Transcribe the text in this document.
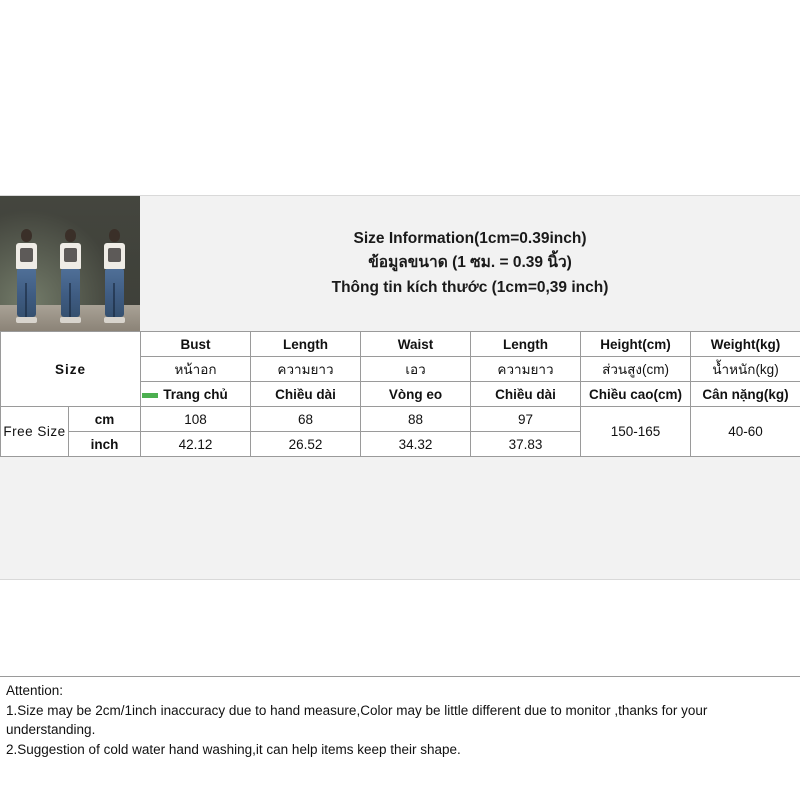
Size Information(1cm=0.39inch)
ข้อมูลขนาด (1 ซม. = 0.39 นิ้ว)
Thông tin kích thước (1cm=0,39 inch)
Size		Bust	Length	Waist	Length	Height(cm)	Weight(kg)
		หน้าอก	ความยาว	เอว	ความยาว	ส่วนสูง(cm)	น้ำหนัก(kg)
		Trang chủ	Chiều dài	Vòng eo	Chiều dài	Chiều cao(cm)	Cân nặng(kg)
Free Size	cm	108	68	88	97	150-165	40-60
	inch	42.12	26.52	34.32	37.83		

Attention:

1.Size may be 2cm/1inch inaccuracy due to hand measure,Color may be little different due to monitor ,thanks for your understanding.

2.Suggestion of cold water hand washing,it can help items keep their shape.
